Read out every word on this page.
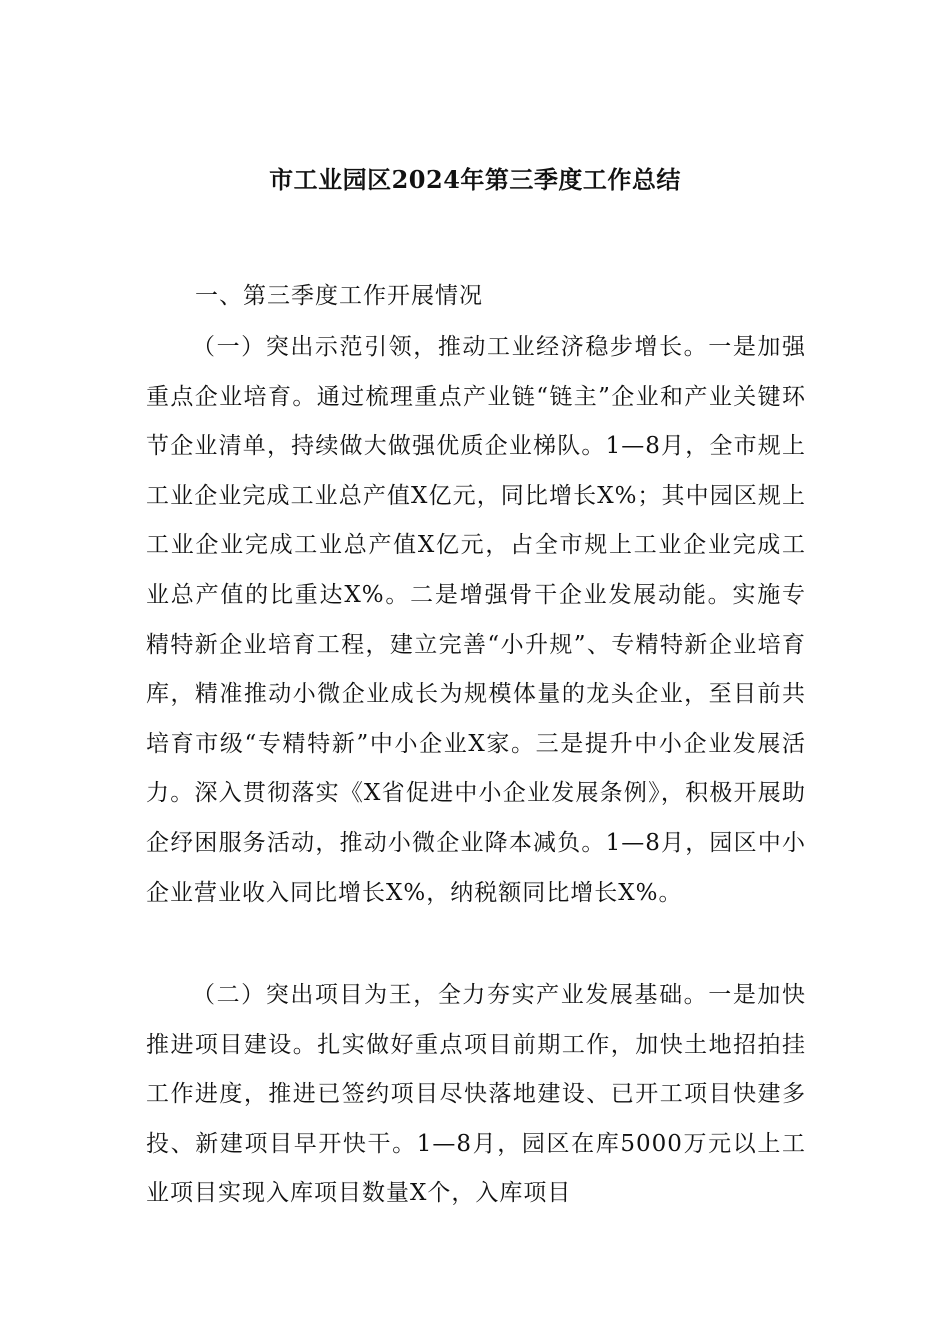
市工业园区2024年第三季度工作总结
一、第三季度工作开展情况

（一）突出示范引领，推动工业经济稳步增长。一是加强重点企业培育。通过梳理重点产业链“链主”企业和产业关键环节企业清单，持续做大做强优质企业梯队。1—8月，全市规上工业企业完成工业总产值X亿元，同比增长X%；其中园区规上工业企业完成工业总产值X亿元，占全市规上工业企业完成工业总产值的比重达X%。二是增强骨干企业发展动能。实施专精特新企业培育工程，建立完善“小升规”、专精特新企业培育库，精准推动小微企业成长为规模体量的龙头企业，至目前共培育市级“专精特新”中小企业X家。三是提升中小企业发展活力。深入贯彻落实《X省促进中小企业发展条例》，积极开展助企纾困服务活动，推动小微企业降本减负。1—8月，园区中小企业营业收入同比增长X%，纳税额同比增长X%。

（二）突出项目为王，全力夯实产业发展基础。一是加快推进项目建设。扎实做好重点项目前期工作，加快土地招拍挂工作进度，推进已签约项目尽快落地建设、已开工项目快建多投、新建项目早开快干。1—8月，园区在库5000万元以上工业项目实现入库项目数量X个，入库项目
